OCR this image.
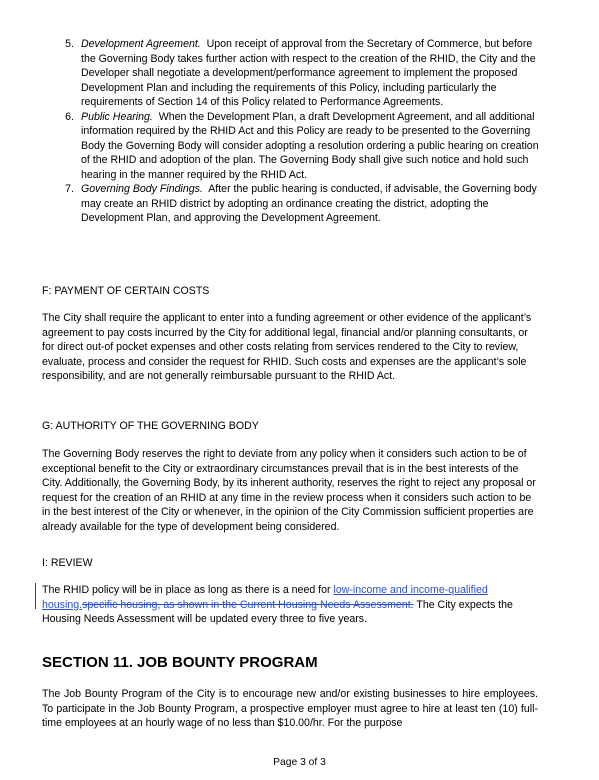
5. Development Agreement. Upon receipt of approval from the Secretary of Commerce, but before the Governing Body takes further action with respect to the creation of the RHID, the City and the Developer shall negotiate a development/performance agreement to implement the proposed Development Plan and including the requirements of this Policy, including particularly the requirements of Section 14 of this Policy related to Performance Agreements.
6. Public Hearing. When the Development Plan, a draft Development Agreement, and all additional information required by the RHID Act and this Policy are ready to be presented to the Governing Body the Governing Body will consider adopting a resolution ordering a public hearing on creation of the RHID and adoption of the plan. The Governing Body shall give such notice and hold such hearing in the manner required by the RHID Act.
7. Governing Body Findings. After the public hearing is conducted, if advisable, the Governing body may create an RHID district by adopting an ordinance creating the district, adopting the Development Plan, and approving the Development Agreement.
F: PAYMENT OF CERTAIN COSTS
The City shall require the applicant to enter into a funding agreement or other evidence of the applicant’s agreement to pay costs incurred by the City for additional legal, financial and/or planning consultants, or for direct out-of pocket expenses and other costs relating from services rendered to the City to review, evaluate, process and consider the request for RHID. Such costs and expenses are the applicant’s sole responsibility, and are not generally reimbursable pursuant to the RHID Act.
G: AUTHORITY OF THE GOVERNING BODY
The Governing Body reserves the right to deviate from any policy when it considers such action to be of exceptional benefit to the City or extraordinary circumstances prevail that is in the best interests of the City. Additionally, the Governing Body, by its inherent authority, reserves the right to reject any proposal or request for the creation of an RHID at any time in the review process when it considers such action to be in the best interest of the City or whenever, in the opinion of the City Commission sufficient properties are already available for the type of development being considered.
I: REVIEW
The RHID policy will be in place as long as there is a need for low-income and income-qualified housing.specific housing, as shown in the Current Housing Needs Assessment. The City expects the Housing Needs Assessment will be updated every three to five years.
SECTION 11. JOB BOUNTY PROGRAM
The Job Bounty Program of the City is to encourage new and/or existing businesses to hire employees. To participate in the Job Bounty Program, a prospective employer must agree to hire at least ten (10) full-time employees at an hourly wage of no less than $10.00/hr. For the purpose
Page 3 of 3
